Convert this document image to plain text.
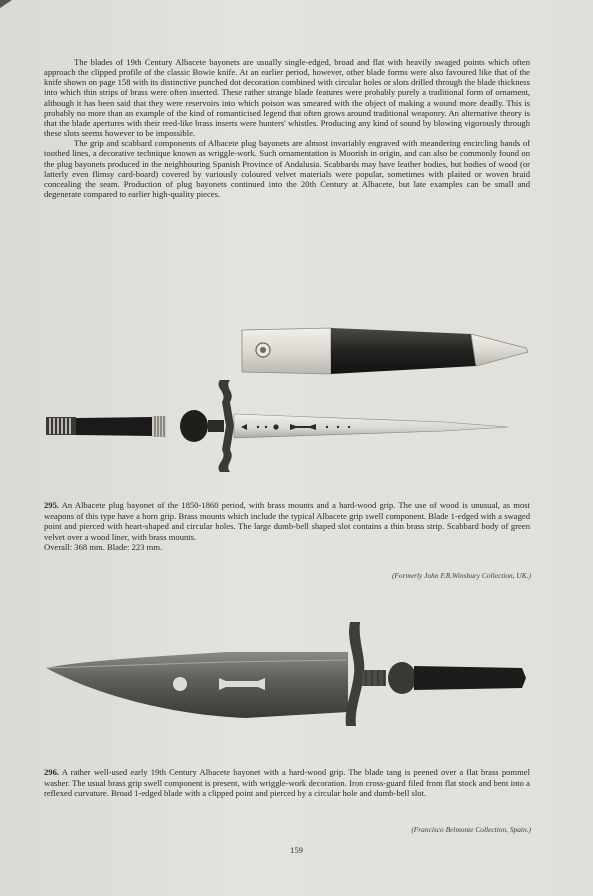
The blades of 19th Century Albacete bayonets are usually single-edged, broad and flat with heavily swaged points which often approach the clipped profile of the classic Bowie knife. At an earlier period, however, other blade forms were also favoured like that of the knife shown on page 158 with its distinctive punched dot decoration combined with circular holes or slots drilled through the blade thickness into which thin strips of brass were often inserted. These rather strange blade features were probably purely a traditional form of ornament, although it has been said that they were reservoirs into which poison was smeared with the object of making a wound more deadly. This is probably no more than an example of the kind of romanticised legend that often grows around traditional weaponry. An alternative theory is that the blade apertures with their reed-like brass inserts were hunters' whistles. Producing any kind of sound by blowing vigorously through these slots seems however to be impossible.

The grip and scabbard components of Albacete plug bayonets are almost invariably engraved with meandering encircling bands of toothed lines, a decorative technique known as wriggle-work. Such ornamentation is Moorish in origin, and can also be commonly found on the plug bayonets produced in the neighbouring Spanish Province of Andalusia. Scabbards may have leather bodies, but bodies of wood (or latterly even flimsy card-board) covered by variously coloured velvet materials were popular, sometimes with plaited or woven braid concealing the seam. Production of plug bayonets continued into the 20th Century at Albacete, but late examples can be small and degenerate compared to earlier high-quality pieces.

295. An Albacete plug bayonet of the 1850-1860 period, with brass mounts and a hard-wood grip. The use of wood is unusual, as most weapons of this type have a horn grip. Brass mounts which include the typical Albacete grip swell component. Blade 1-edged with a swaged point and pierced with heart-shaped and circular holes. The large dumb-bell shaped slot contains a thin brass strip. Scabbard body of green velvet over a wood liner, with brass mounts.

Overall: 368 mm. Blade: 223 mm.

(Formerly John F.R.Winsbury Collection, UK.)

296. A rather well-used early 19th Century Albacete bayonet with a hard-wood grip. The blade tang is peened over a flat brass pommel washer. The usual brass grip swell component is present, with wriggle-work decoration. Iron cross-guard filed from flat stock and bent into a reflexed curvature. Broad 1-edged blade with a clipped point and pierced by a circular hole and dumb-bell slot.

(Francisco Belmonte Collection, Spain.)
159
